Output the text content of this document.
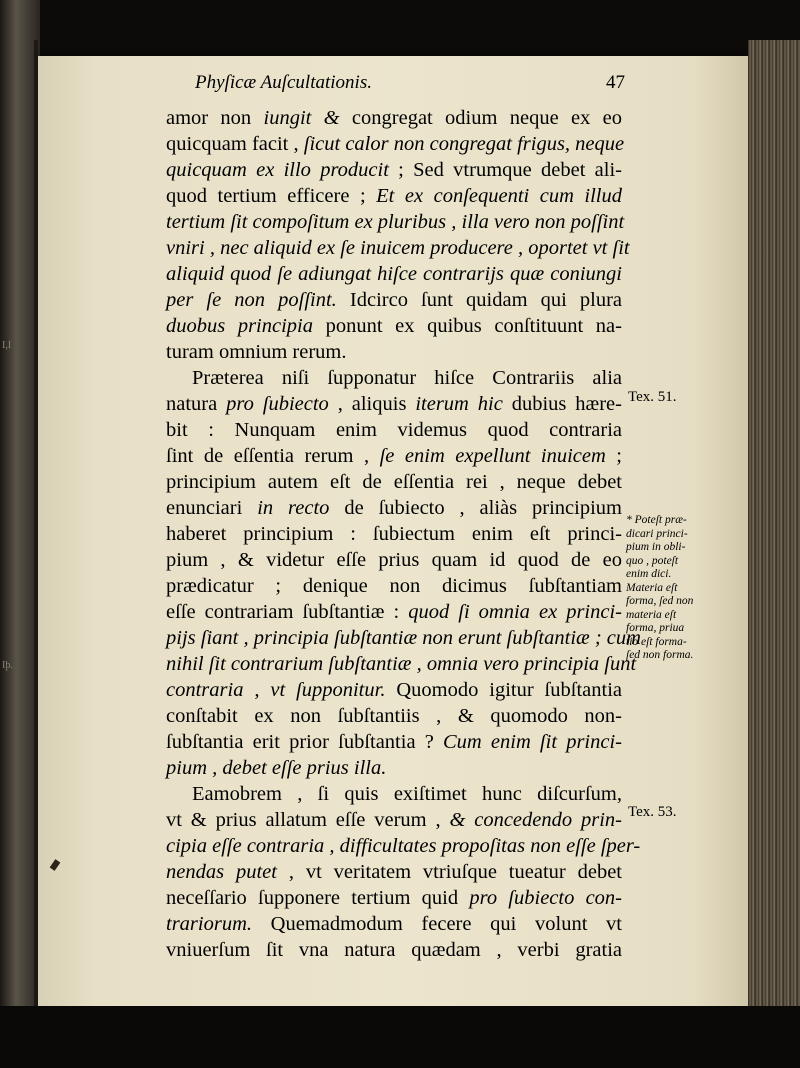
I,I
Iþ.
Phyſicæ Auſcultationis.	47
amor non iungit & congregat odium neque ex eo
quicquam facit , ſicut calor non congregat frigus, neque
quicquam ex illo producit ; Sed vtrumque debet ali-
quod tertium efficere ; Et ex conſequenti cum illud
tertium ſit compoſitum ex pluribus , illa vero non poſſint
vniri , nec aliquid ex ſe inuicem producere , oportet vt ſit
aliquid quod ſe adiungat hiſce contrarijs quæ coniungi
per ſe non poſſint. Idcirco ſunt quidam qui plura
duobus principia ponunt ex quibus conſtituunt na-
turam omnium rerum.
Præterea niſi ſupponatur hiſce Contrariis alia
natura pro ſubiecto , aliquis iterum hic dubius hære-
bit : Nunquam enim videmus quod contraria
ſint de eſſentia rerum , ſe enim expellunt inuicem ;
principium autem eſt de eſſentia rei , neque debet
enunciari in recto de ſubiecto , aliàs principium
haberet principium : ſubiectum enim eſt princi-
pium , & videtur eſſe prius quam id quod de eo
prædicatur ; denique non dicimus ſubſtantiam
eſſe contrariam ſubſtantiæ : quod ſi omnia ex princi-
pijs ſiant , principia ſubſtantiæ non erunt ſubſtantiæ ; cum
nihil ſit contrarium ſubſtantiæ , omnia vero principia ſunt
contraria , vt ſupponitur. Quomodo igitur ſubſtantia
conſtabit ex non ſubſtantiis , & quomodo non-
ſubſtantia erit prior ſubſtantia ? Cum enim ſit princi-
pium , debet eſſe prius illa.
Eamobrem , ſi quis exiſtimet hunc diſcurſum,
vt & prius allatum eſſe verum , & concedendo prin-
cipia eſſe contraria , difficultates propoſitas non eſſe ſper-
nendas putet , vt veritatem vtriuſque tueatur debet
neceſſario ſupponere tertium quid pro ſubiecto con-
trariorum. Quemadmodum fecere qui volunt vt
vniuerſum ſit vna natura quædam , verbi gratia
Tex. 51.
Tex. 53.
* Poteſt præ-
dicari princi-
pium in obli-
quo , poteſt
enim dici.
Materia eſt
forma, ſed non
materia eſt
forma, priua
tio eſt forma-
ſed non forma.
